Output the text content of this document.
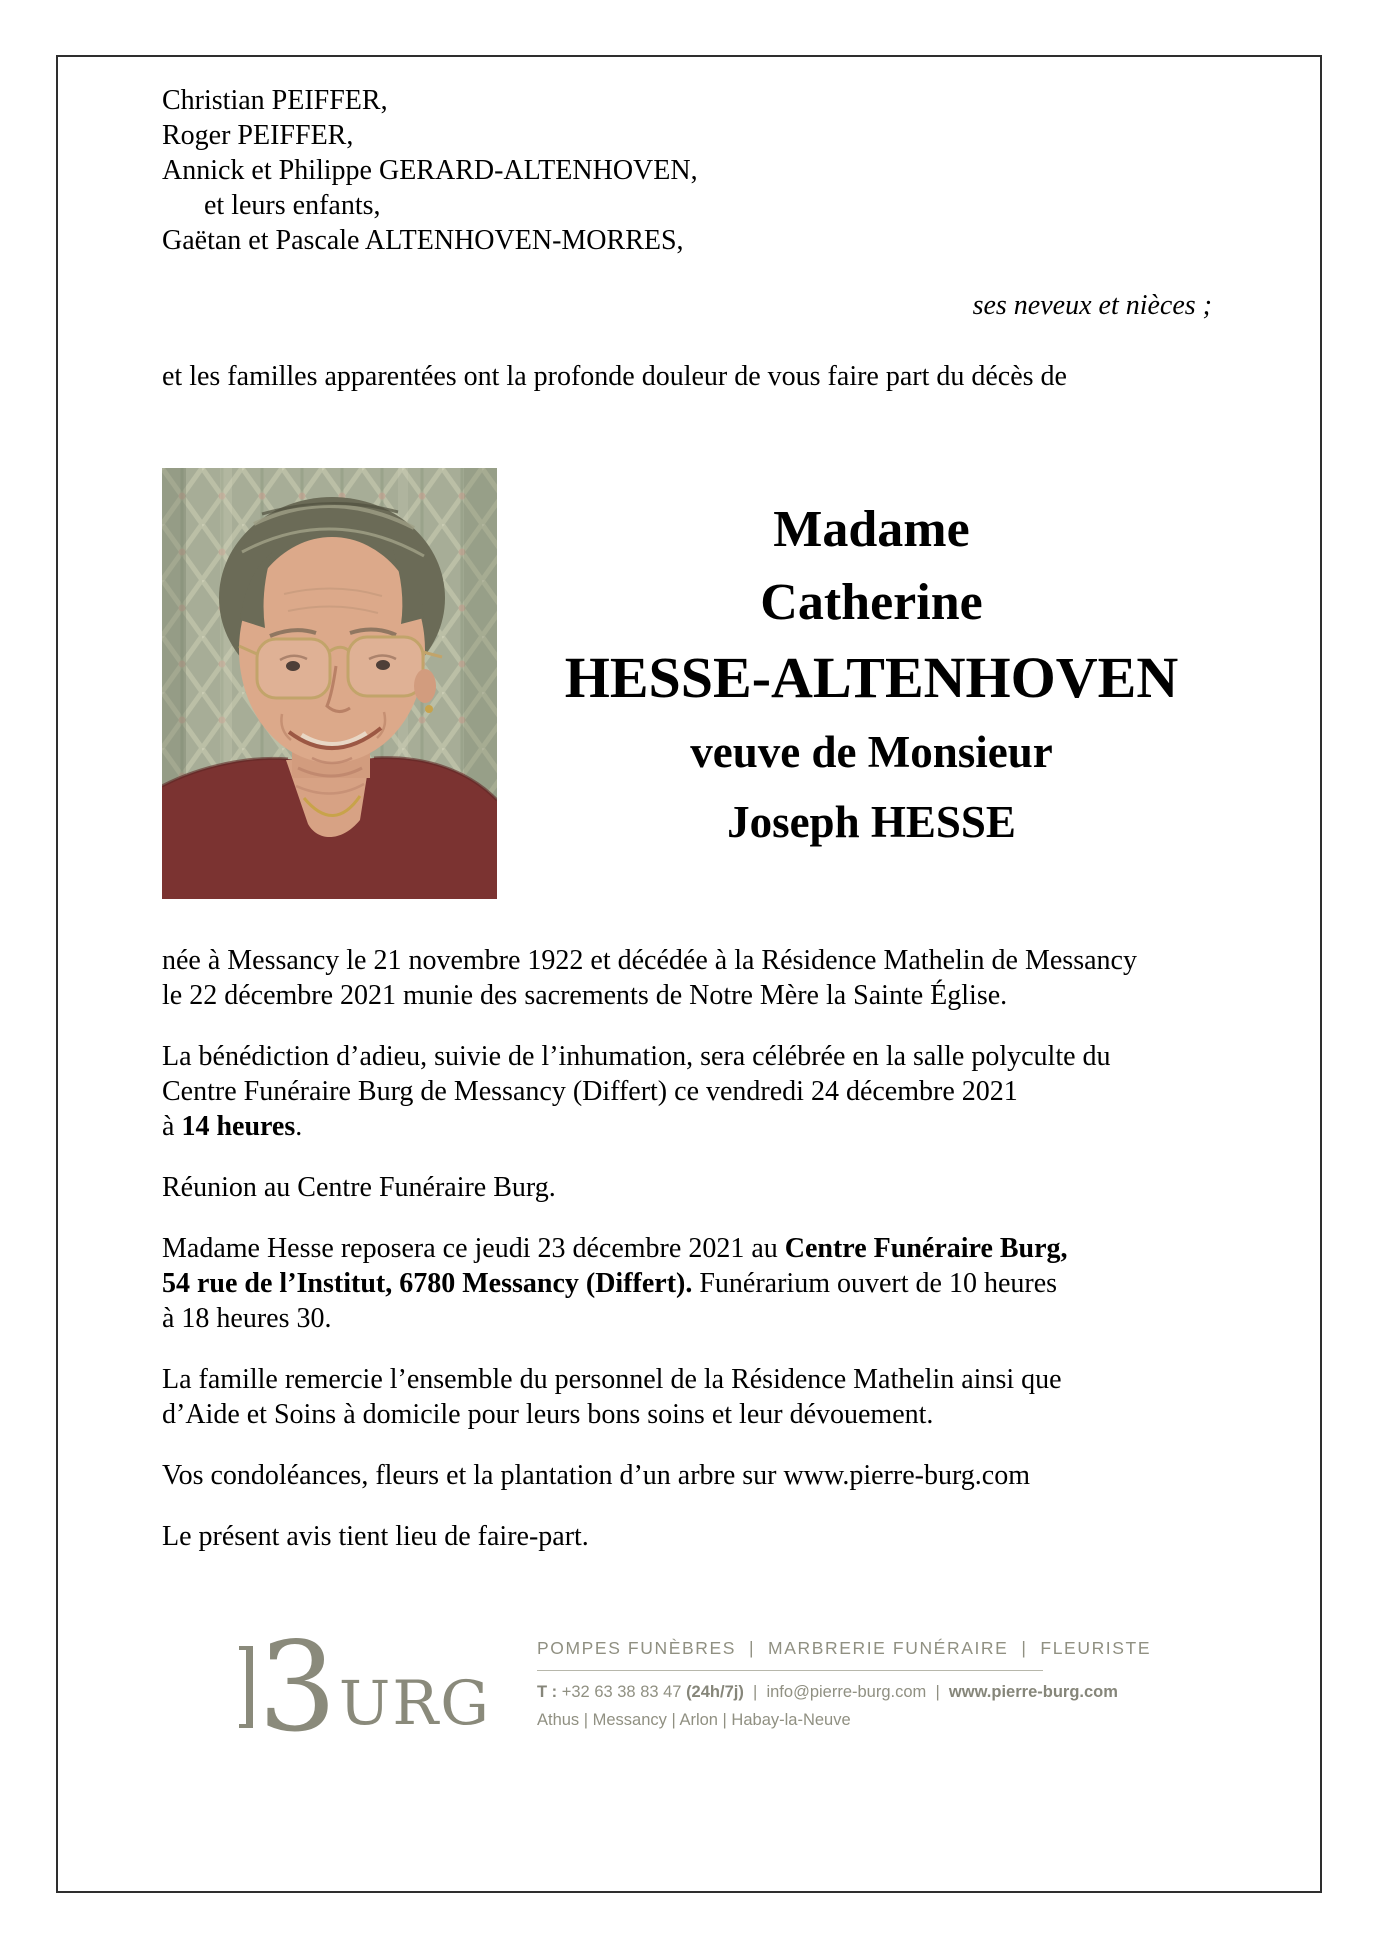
Christian PEIFFER,
Roger PEIFFER,
Annick et Philippe GERARD-ALTENHOVEN,
et leurs enfants,
Gaëtan et Pascale ALTENHOVEN-MORRES,
ses neveux et nièces ;
et les familles apparentées ont la profonde douleur de vous faire part du décès de
Madame
Catherine
HESSE-ALTENHOVEN
veuve de Monsieur
Joseph HESSE
née à Messancy le 21 novembre 1922 et décédée à la Résidence Mathelin de Messancy
le 22 décembre 2021 munie des sacrements de Notre Mère la Sainte Église.
La bénédiction d’adieu, suivie de l’inhumation, sera célébrée en la salle polyculte du
Centre Funéraire Burg de Messancy (Differt) ce vendredi 24 décembre 2021
à 14 heures.
Réunion au Centre Funéraire Burg.
Madame Hesse reposera ce jeudi 23 décembre 2021 au Centre Funéraire Burg,
54 rue de l’Institut, 6780 Messancy (Differt). Funérarium ouvert de 10 heures
à 18 heures 30.
La famille remercie l’ensemble du personnel de la Résidence Mathelin ainsi que
d’Aide et Soins à domicile pour leurs bons soins et leur dévouement.
Vos condoléances, fleurs et la plantation d’un arbre sur www.pierre-burg.com
Le présent avis tient lieu de faire-part.
3 URG
POMPES FUNÈBRES  |  MARBRERIE FUNÉRAIRE  |  FLEURISTE
T : +32 63 38 83 47 (24h/7j)  |  info@pierre-burg.com  |  www.pierre-burg.com
Athus | Messancy | Arlon | Habay-la-Neuve
